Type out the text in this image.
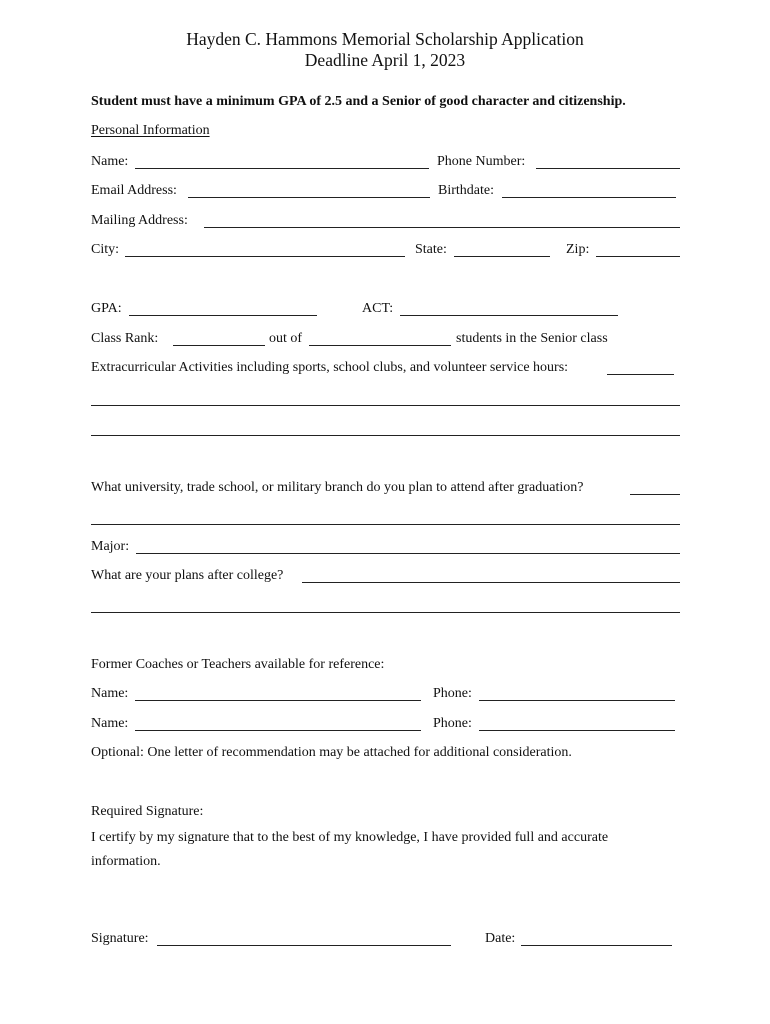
Hayden C. Hammons Memorial Scholarship Application
Deadline April 1, 2023
Student must have a minimum GPA of 2.5 and a Senior of good character and citizenship.
Personal Information
Name:	Phone Number:
Email Address:	Birthdate:
Mailing Address:
City:	State:	Zip:
GPA:	ACT:
Class Rank:	out of	students in the Senior class
Extracurricular Activities including sports, school clubs, and volunteer service hours:
What university, trade school, or military branch do you plan to attend after graduation?
Major:
What are your plans after college?
Former Coaches or Teachers available for reference:
Name:	Phone:
Name:	Phone:
Optional: One letter of recommendation may be attached for additional consideration.
Required Signature:
I certify by my signature that to the best of my knowledge, I have provided full and accurate information.
Signature:	Date:
